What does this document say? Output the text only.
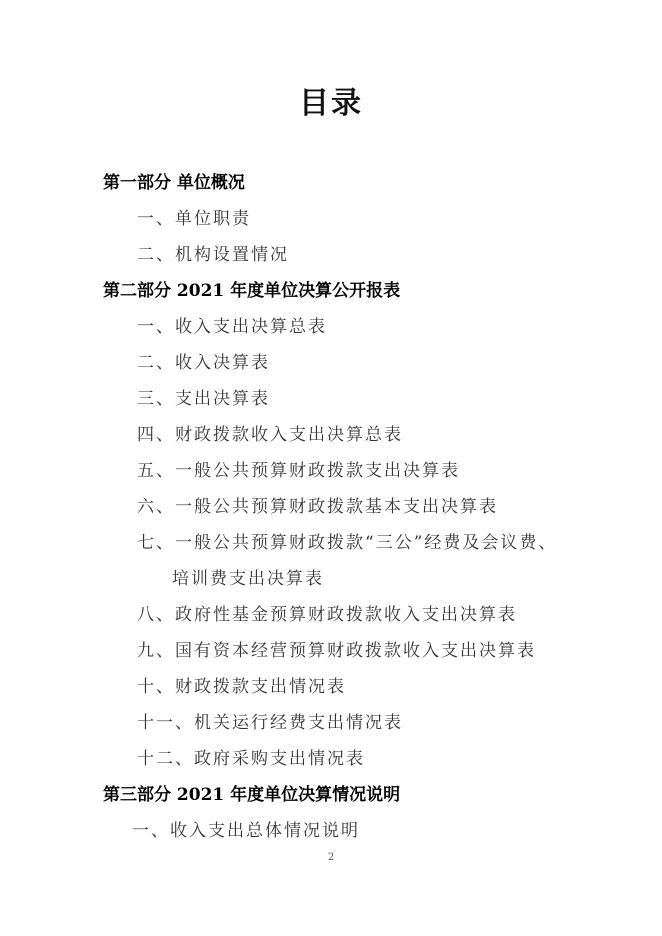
目录
第一部分 单位概况
一、单位职责
二、机构设置情况
第二部分 2021 年度单位决算公开报表
一、收入支出决算总表
二、收入决算表
三、支出决算表
四、财政拨款收入支出决算总表
五、一般公共预算财政拨款支出决算表
六、一般公共预算财政拨款基本支出决算表
七、一般公共预算财政拨款“三公”经费及会议费、
培训费支出决算表
八、政府性基金预算财政拨款收入支出决算表
九、国有资本经营预算财政拨款收入支出决算表
十、财政拨款支出情况表
十一、机关运行经费支出情况表
十二、政府采购支出情况表
第三部分 2021 年度单位决算情况说明
一、收入支出总体情况说明
2
